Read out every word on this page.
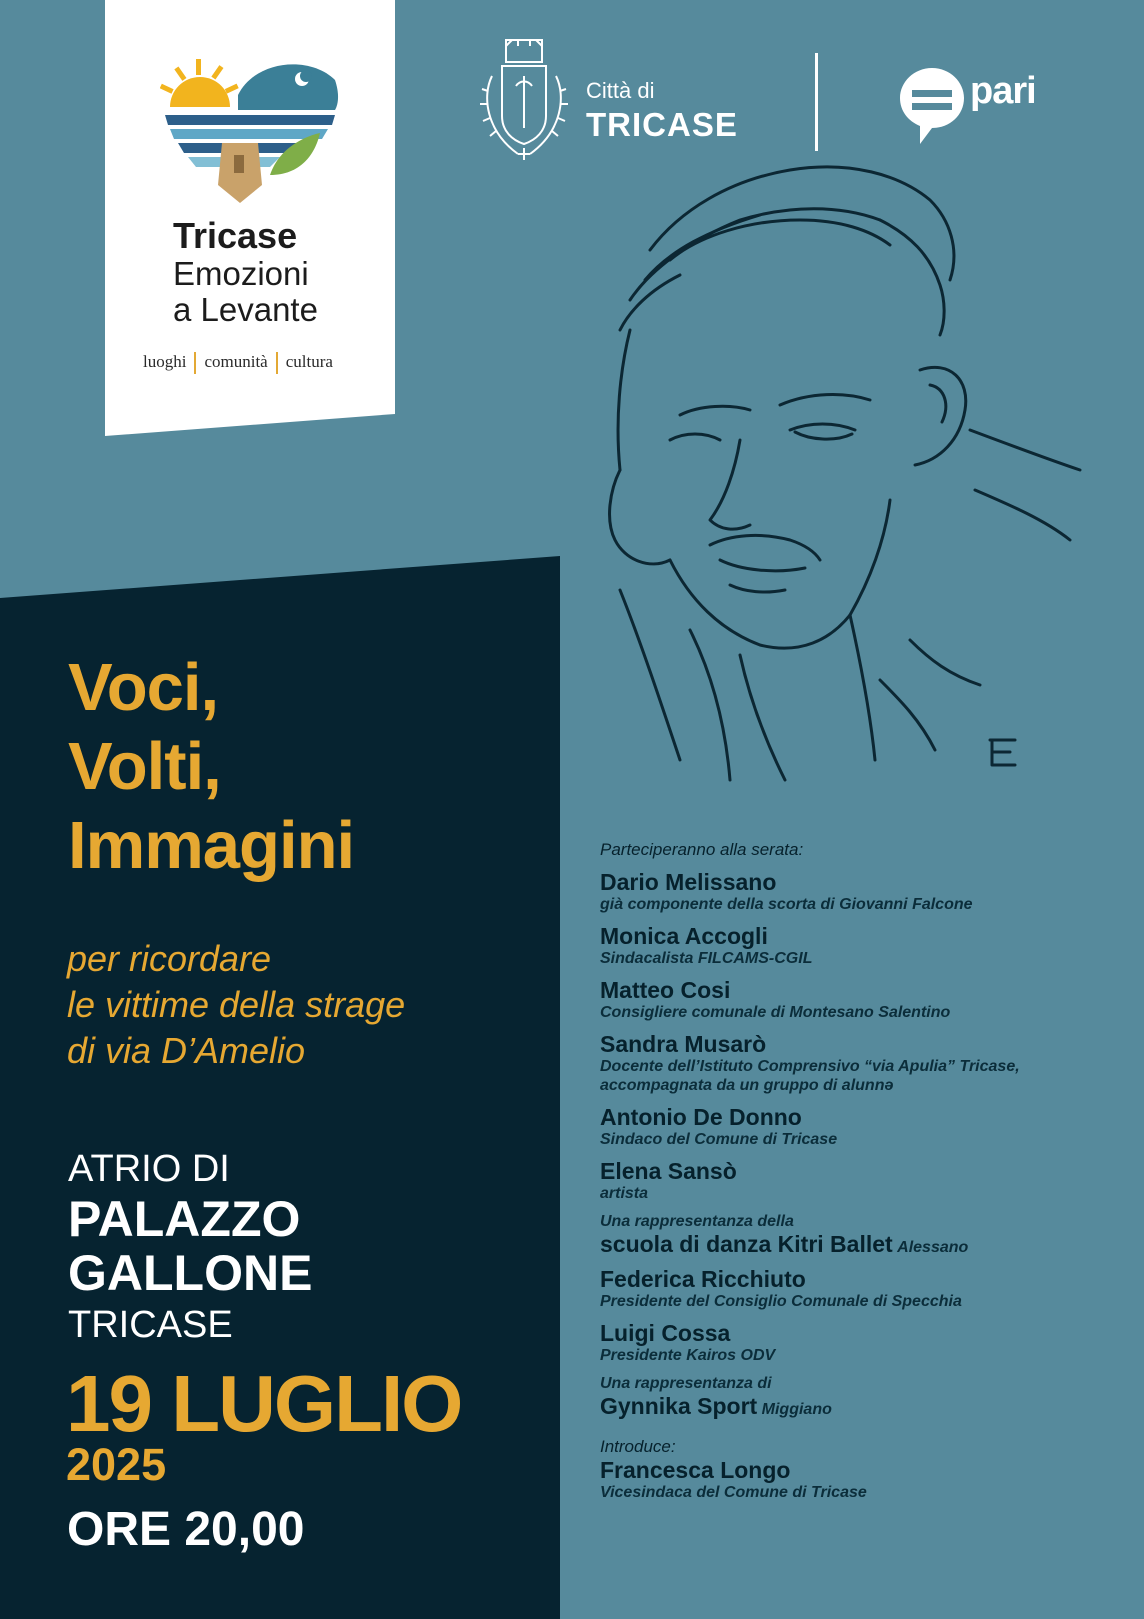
Tricase
Emozioni
a Levante
luoghi comunità cultura
Città di
TRICASE
pari
Voci,
Volti,
Immagini
per ricordare
le vittime della strage
di via D’Amelio
ATRIO DI
PALAZZO
GALLONE
TRICASE
19 LUGLIO
2025
ORE 20,00
Parteciperanno alla serata:
Dario Melissano
già componente della scorta di Giovanni Falcone
Monica Accogli
Sindacalista FILCAMS-CGIL
Matteo Cosi
Consigliere comunale di Montesano Salentino
Sandra Musarò
Docente dell’Istituto Comprensivo “via Apulia” Tricase,
accompagnata da un gruppo di alunnə
Antonio De Donno
Sindaco del Comune di Tricase
Elena Sansò
artista
Una rappresentanza della
scuola di danza Kitri Ballet Alessano
Federica Ricchiuto
Presidente del Consiglio Comunale di Specchia
Luigi Cossa
Presidente Kairos ODV
Una rappresentanza di
Gynnika Sport Miggiano
Introduce:
Francesca Longo
Vicesindaca del Comune di Tricase
